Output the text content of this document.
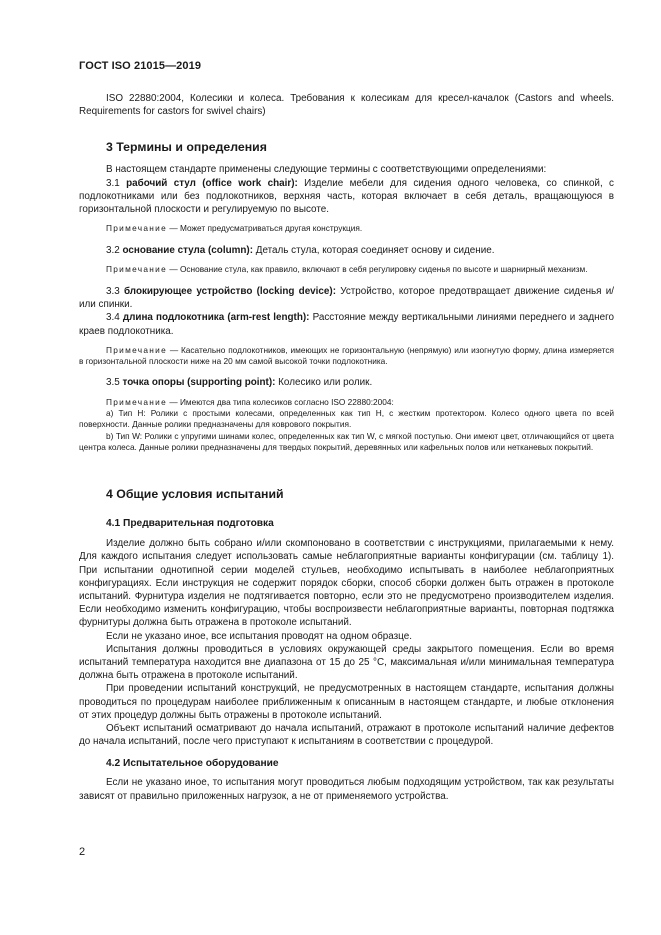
ГОСТ ISO 21015—2019

ISO 22880:2004, Колесики и колеса. Требования к колесикам для кресел-качалок (Castors and wheels. Requirements for castors for swivel chairs)

3 Термины и определения

В настоящем стандарте применены следующие термины с соответствующими определениями:

3.1 рабочий стул (office work chair): Изделие мебели для сидения одного человека, со спинкой, с подлокотниками или без подлокотников, верхняя часть, которая включает в себя деталь, вращающуюся в горизонтальной плоскости и регулируемую по высоте.

Примечание — Может предусматриваться другая конструкция.

3.2 основание стула (column): Деталь стула, которая соединяет основу и сидение.

Примечание — Основание стула, как правило, включают в себя регулировку сиденья по высоте и шарнирный механизм.

3.3 блокирующее устройство (locking device): Устройство, которое предотвращает движение сиденья и/или спинки.

3.4 длина подлокотника (arm-rest length): Расстояние между вертикальными линиями переднего и заднего краев подлокотника.

Примечание — Касательно подлокотников, имеющих не горизонтальную (непрямую) или изогнутую форму, длина измеряется в горизонтальной плоскости ниже на 20 мм самой высокой точки подлокотника.

3.5 точка опоры (supporting point): Колесико или ролик.

Примечание — Имеются два типа колесиков согласно ISO 22880:2004:

a) Тип Н: Ролики с простыми колесами, определенных как тип Н, с жестким протектором. Колесо одного цвета по всей поверхности. Данные ролики предназначены для коврового покрытия.

b) Тип W: Ролики с упругими шинами колес, определенных как тип W, с мягкой поступью. Они имеют цвет, отличающийся от цвета центра колеса. Данные ролики предназначены для твердых покрытий, деревянных или кафельных полов или нетканевых покрытий.

4 Общие условия испытаний
4.1 Предварительная подготовка

Изделие должно быть собрано и/или скомпоновано в соответствии с инструкциями, прилагаемыми к нему. Для каждого испытания следует использовать самые неблагоприятные варианты конфигурации (см. таблицу 1). При испытании однотипной серии моделей стульев, необходимо испытывать в наиболее неблагоприятных конфигурациях. Если инструкция не содержит порядок сборки, способ сборки должен быть отражен в протоколе испытаний. Фурнитура изделия не подтягивается повторно, если это не предусмотрено производителем изделия. Если необходимо изменить конфигурацию, чтобы воспроизвести неблагоприятные варианты, повторная подтяжка фурнитуры должна быть отражена в протоколе испытаний.

Если не указано иное, все испытания проводят на одном образце.

Испытания должны проводиться в условиях окружающей среды закрытого помещения. Если во время испытаний температура находится вне диапазона от 15 до 25 °С, максимальная и/или минимальная температура должна быть отражена в протоколе испытаний.

При проведении испытаний конструкций, не предусмотренных в настоящем стандарте, испытания должны проводиться по процедурам наиболее приближенным к описанным в настоящем стандарте, и любые отклонения от этих процедур должны быть отражены в протоколе испытаний.

Объект испытаний осматривают до начала испытаний, отражают в протоколе испытаний наличие дефектов до начала испытаний, после чего приступают к испытаниям в соответствии с процедурой.

4.2 Испытательное оборудование

Если не указано иное, то испытания могут проводиться любым подходящим устройством, так как результаты зависят от правильно приложенных нагрузок, а не от применяемого устройства.

2
